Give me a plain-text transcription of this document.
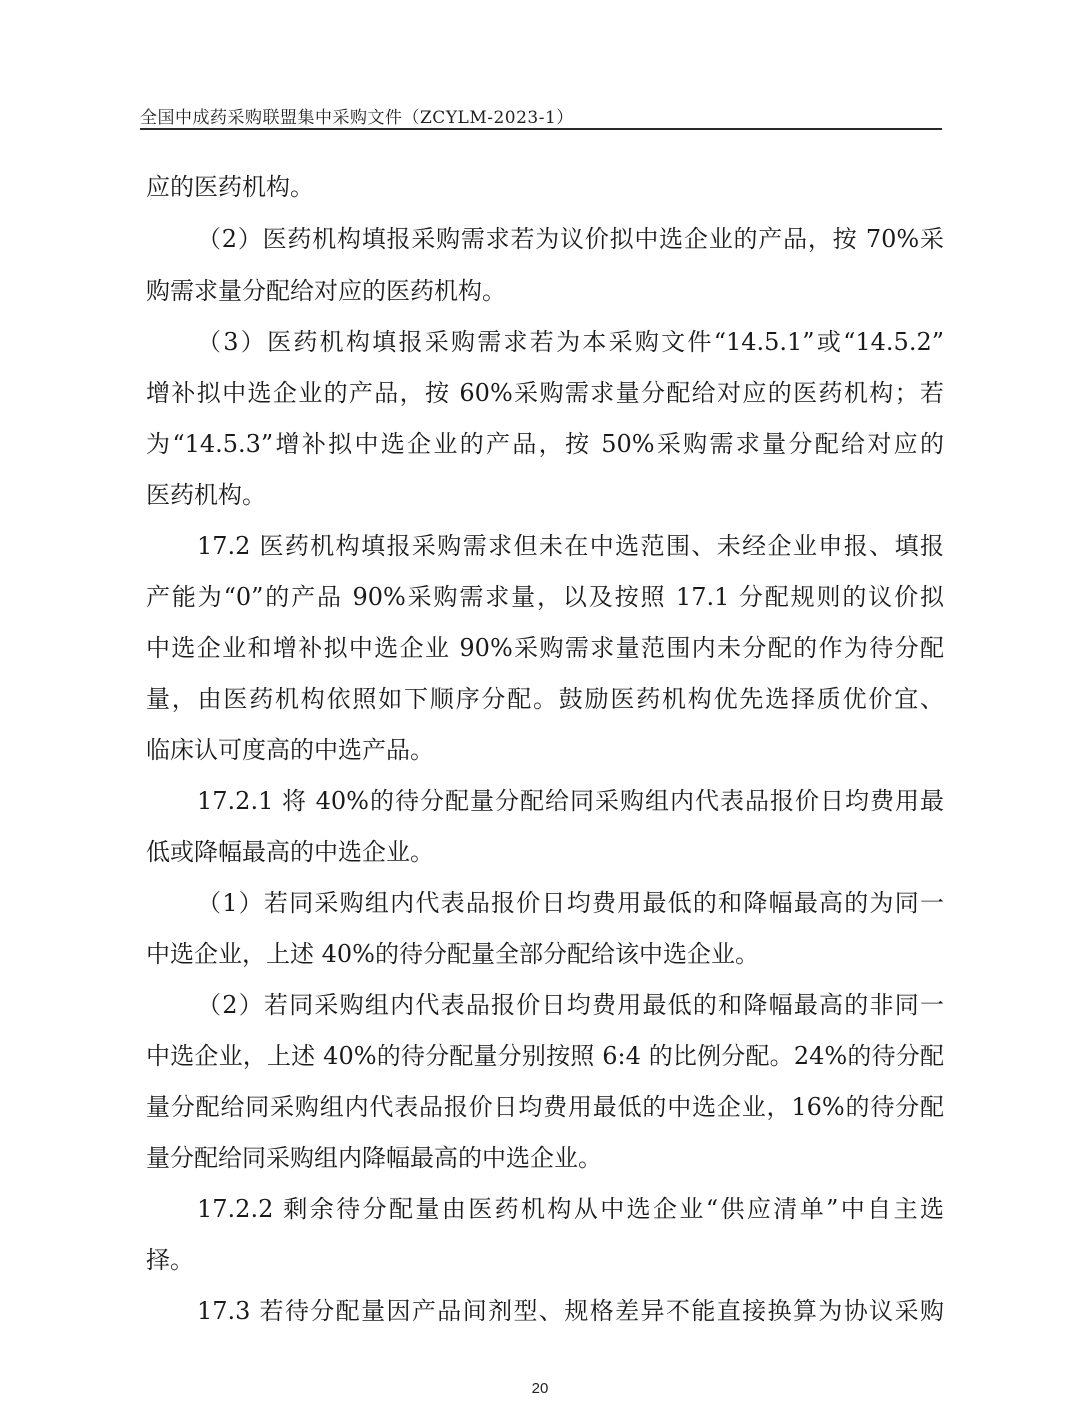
全国中成药采购联盟集中采购文件（ZCYLM-2023-1）
应的医药机构。
（2）医药机构填报采购需求若为议价拟中选企业的产品，按 70%采
购需求量分配给对应的医药机构。
（3）医药机构填报采购需求若为本采购文件“14.5.1”或“14.5.2”
增补拟中选企业的产品，按 60%采购需求量分配给对应的医药机构；若
为“14.5.3”增补拟中选企业的产品，按 50%采购需求量分配给对应的
医药机构。
17.2 医药机构填报采购需求但未在中选范围、未经企业申报、填报
产能为“0”的产品 90%采购需求量，以及按照 17.1 分配规则的议价拟
中选企业和增补拟中选企业 90%采购需求量范围内未分配的作为待分配
量，由医药机构依照如下顺序分配。鼓励医药机构优先选择质优价宜、
临床认可度高的中选产品。
17.2.1 将 40%的待分配量分配给同采购组内代表品报价日均费用最
低或降幅最高的中选企业。
（1）若同采购组内代表品报价日均费用最低的和降幅最高的为同一
中选企业，上述 40%的待分配量全部分配给该中选企业。
（2）若同采购组内代表品报价日均费用最低的和降幅最高的非同一
中选企业，上述 40%的待分配量分别按照 6:4 的比例分配。24%的待分配
量分配给同采购组内代表品报价日均费用最低的中选企业，16%的待分配
量分配给同采购组内降幅最高的中选企业。
17.2.2 剩余待分配量由医药机构从中选企业“供应清单”中自主选
择。
17.3 若待分配量因产品间剂型、规格差异不能直接换算为协议采购
20
